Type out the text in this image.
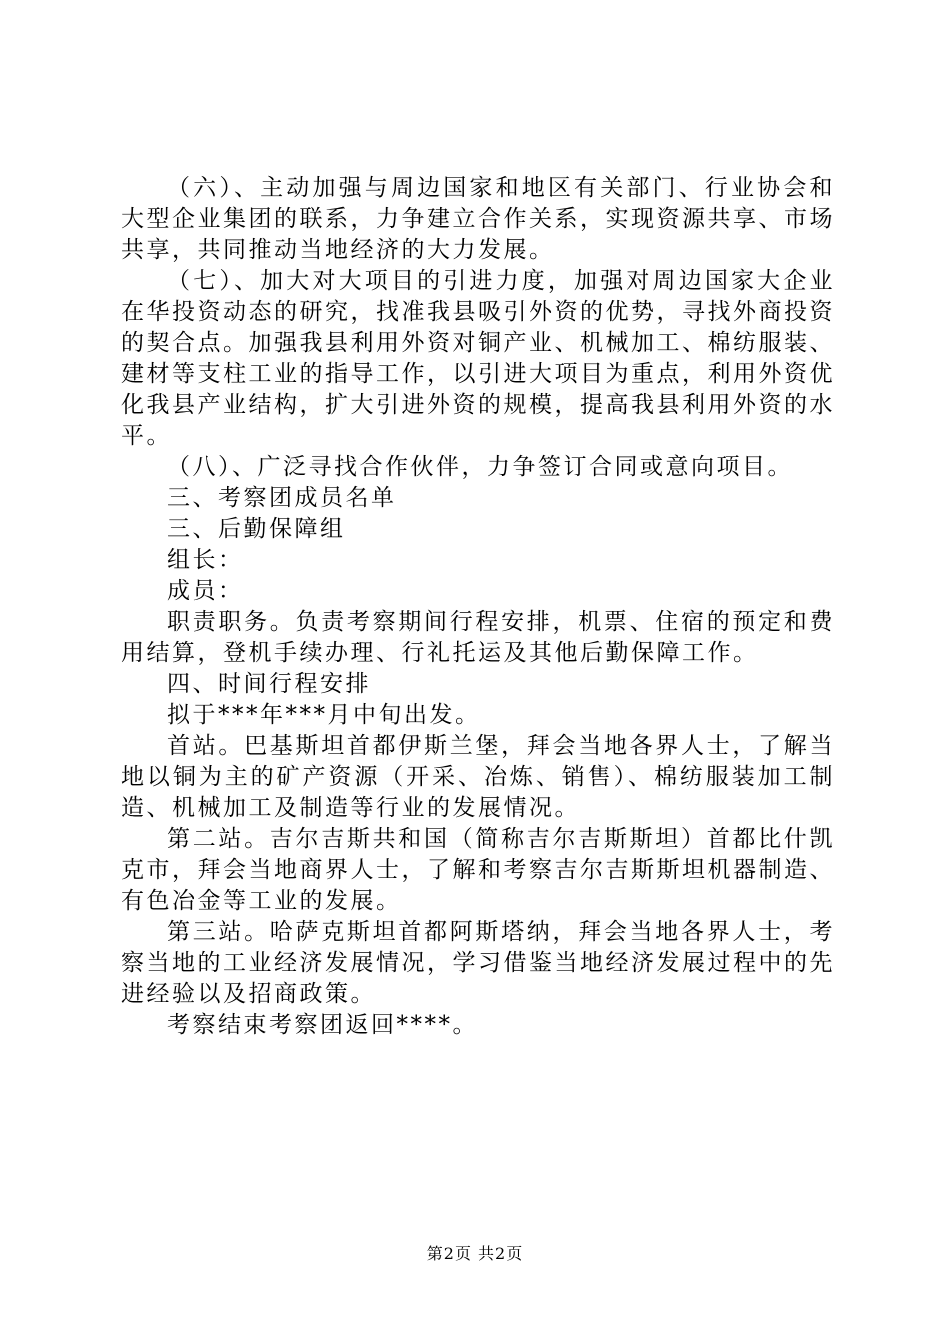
（六）、主动加强与周边国家和地区有关部门、行业协会和大型企业集团的联系，力争建立合作关系，实现资源共享、市场共享，共同推动当地经济的大力发展。

（七）、加大对大项目的引进力度，加强对周边国家大企业在华投资动态的研究，找准我县吸引外资的优势，寻找外商投资的契合点。加强我县利用外资对铜产业、机械加工、棉纺服装、建材等支柱工业的指导工作，以引进大项目为重点，利用外资优化我县产业结构，扩大引进外资的规模，提高我县利用外资的水平。

（八）、广泛寻找合作伙伴，力争签订合同或意向项目。

三、考察团成员名单

三、后勤保障组

组长：

成员：

职责职务。负责考察期间行程安排，机票、住宿的预定和费用结算，登机手续办理、行礼托运及其他后勤保障工作。

四、时间行程安排

拟于***年***月中旬出发。

首站。巴基斯坦首都伊斯兰堡，拜会当地各界人士，了解当地以铜为主的矿产资源（开采、冶炼、销售）、棉纺服装加工制造、机械加工及制造等行业的发展情况。

第二站。吉尔吉斯共和国（简称吉尔吉斯斯坦）首都比什凯克市，拜会当地商界人士，了解和考察吉尔吉斯斯坦机器制造、有色冶金等工业的发展。

第三站。哈萨克斯坦首都阿斯塔纳，拜会当地各界人士，考察当地的工业经济发展情况，学习借鉴当地经济发展过程中的先进经验以及招商政策。

考察结束考察团返回****。

第2页 共2页
